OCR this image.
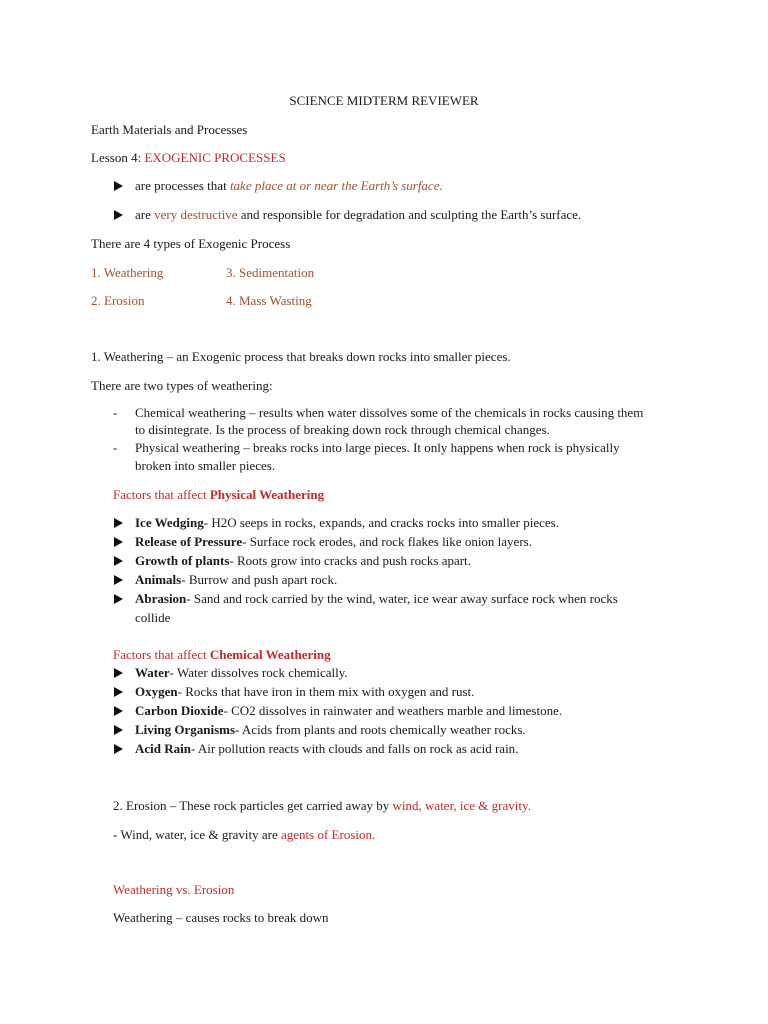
SCIENCE MIDTERM REVIEWER
Earth Materials and Processes
Lesson 4: EXOGENIC PROCESSES
are processes that take place at or near the Earth’s surface.
are very destructive and responsible for degradation and sculpting the Earth’s surface.
There are 4 types of Exogenic Process
1. Weathering	3. Sedimentation
2. Erosion	4. Mass Wasting
1. Weathering – an Exogenic process that breaks down rocks into smaller pieces.
There are two types of weathering:
- Chemical weathering – results when water dissolves some of the chemicals in rocks causing them
to disintegrate. Is the process of breaking down rock through chemical changes.
- Physical weathering – breaks rocks into large pieces. It only happens when rock is physically
broken into smaller pieces.
Factors that affect Physical Weathering
Ice Wedging- H2O seeps in rocks, expands, and cracks rocks into smaller pieces.
Release of Pressure- Surface rock erodes, and rock flakes like onion layers.
Growth of plants- Roots grow into cracks and push rocks apart.
Animals- Burrow and push apart rock.
Abrasion- Sand and rock carried by the wind, water, ice wear away surface rock when rocks
collide
Factors that affect Chemical Weathering
Water- Water dissolves rock chemically.
Oxygen- Rocks that have iron in them mix with oxygen and rust.
Carbon Dioxide- CO2 dissolves in rainwater and weathers marble and limestone.
Living Organisms- Acids from plants and roots chemically weather rocks.
Acid Rain- Air pollution reacts with clouds and falls on rock as acid rain.
2. Erosion – These rock particles get carried away by wind, water, ice & gravity.
- Wind, water, ice & gravity are agents of Erosion.
Weathering vs. Erosion
Weathering – causes rocks to break down
